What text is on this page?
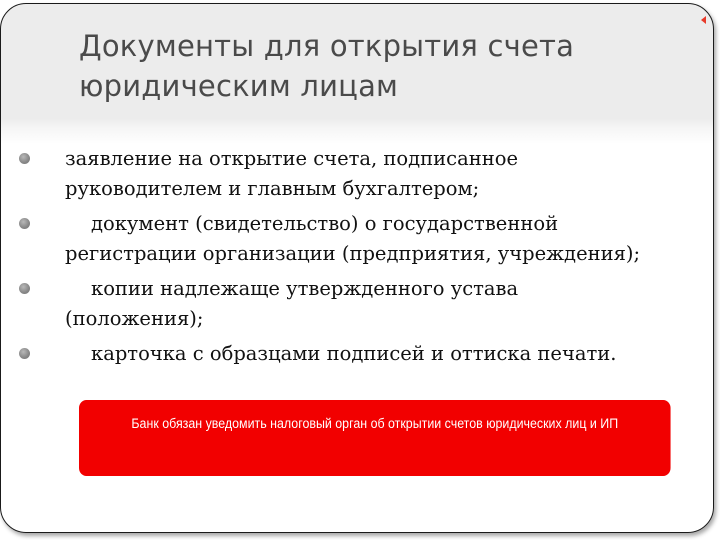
Документы для открытия счета
юридическим лицам
заявление на открытие счета, подписанное
руководителем и главным бухгалтером;
документ (свидетельство) о государственной
регистрации организации (предприятия, учреждения);
копии надлежаще утвержденного устава
(положения);
карточка с образцами подписей и оттиска печати.
Банк обязан уведомить налоговый орган об открытии счетов юридических лиц и ИП
